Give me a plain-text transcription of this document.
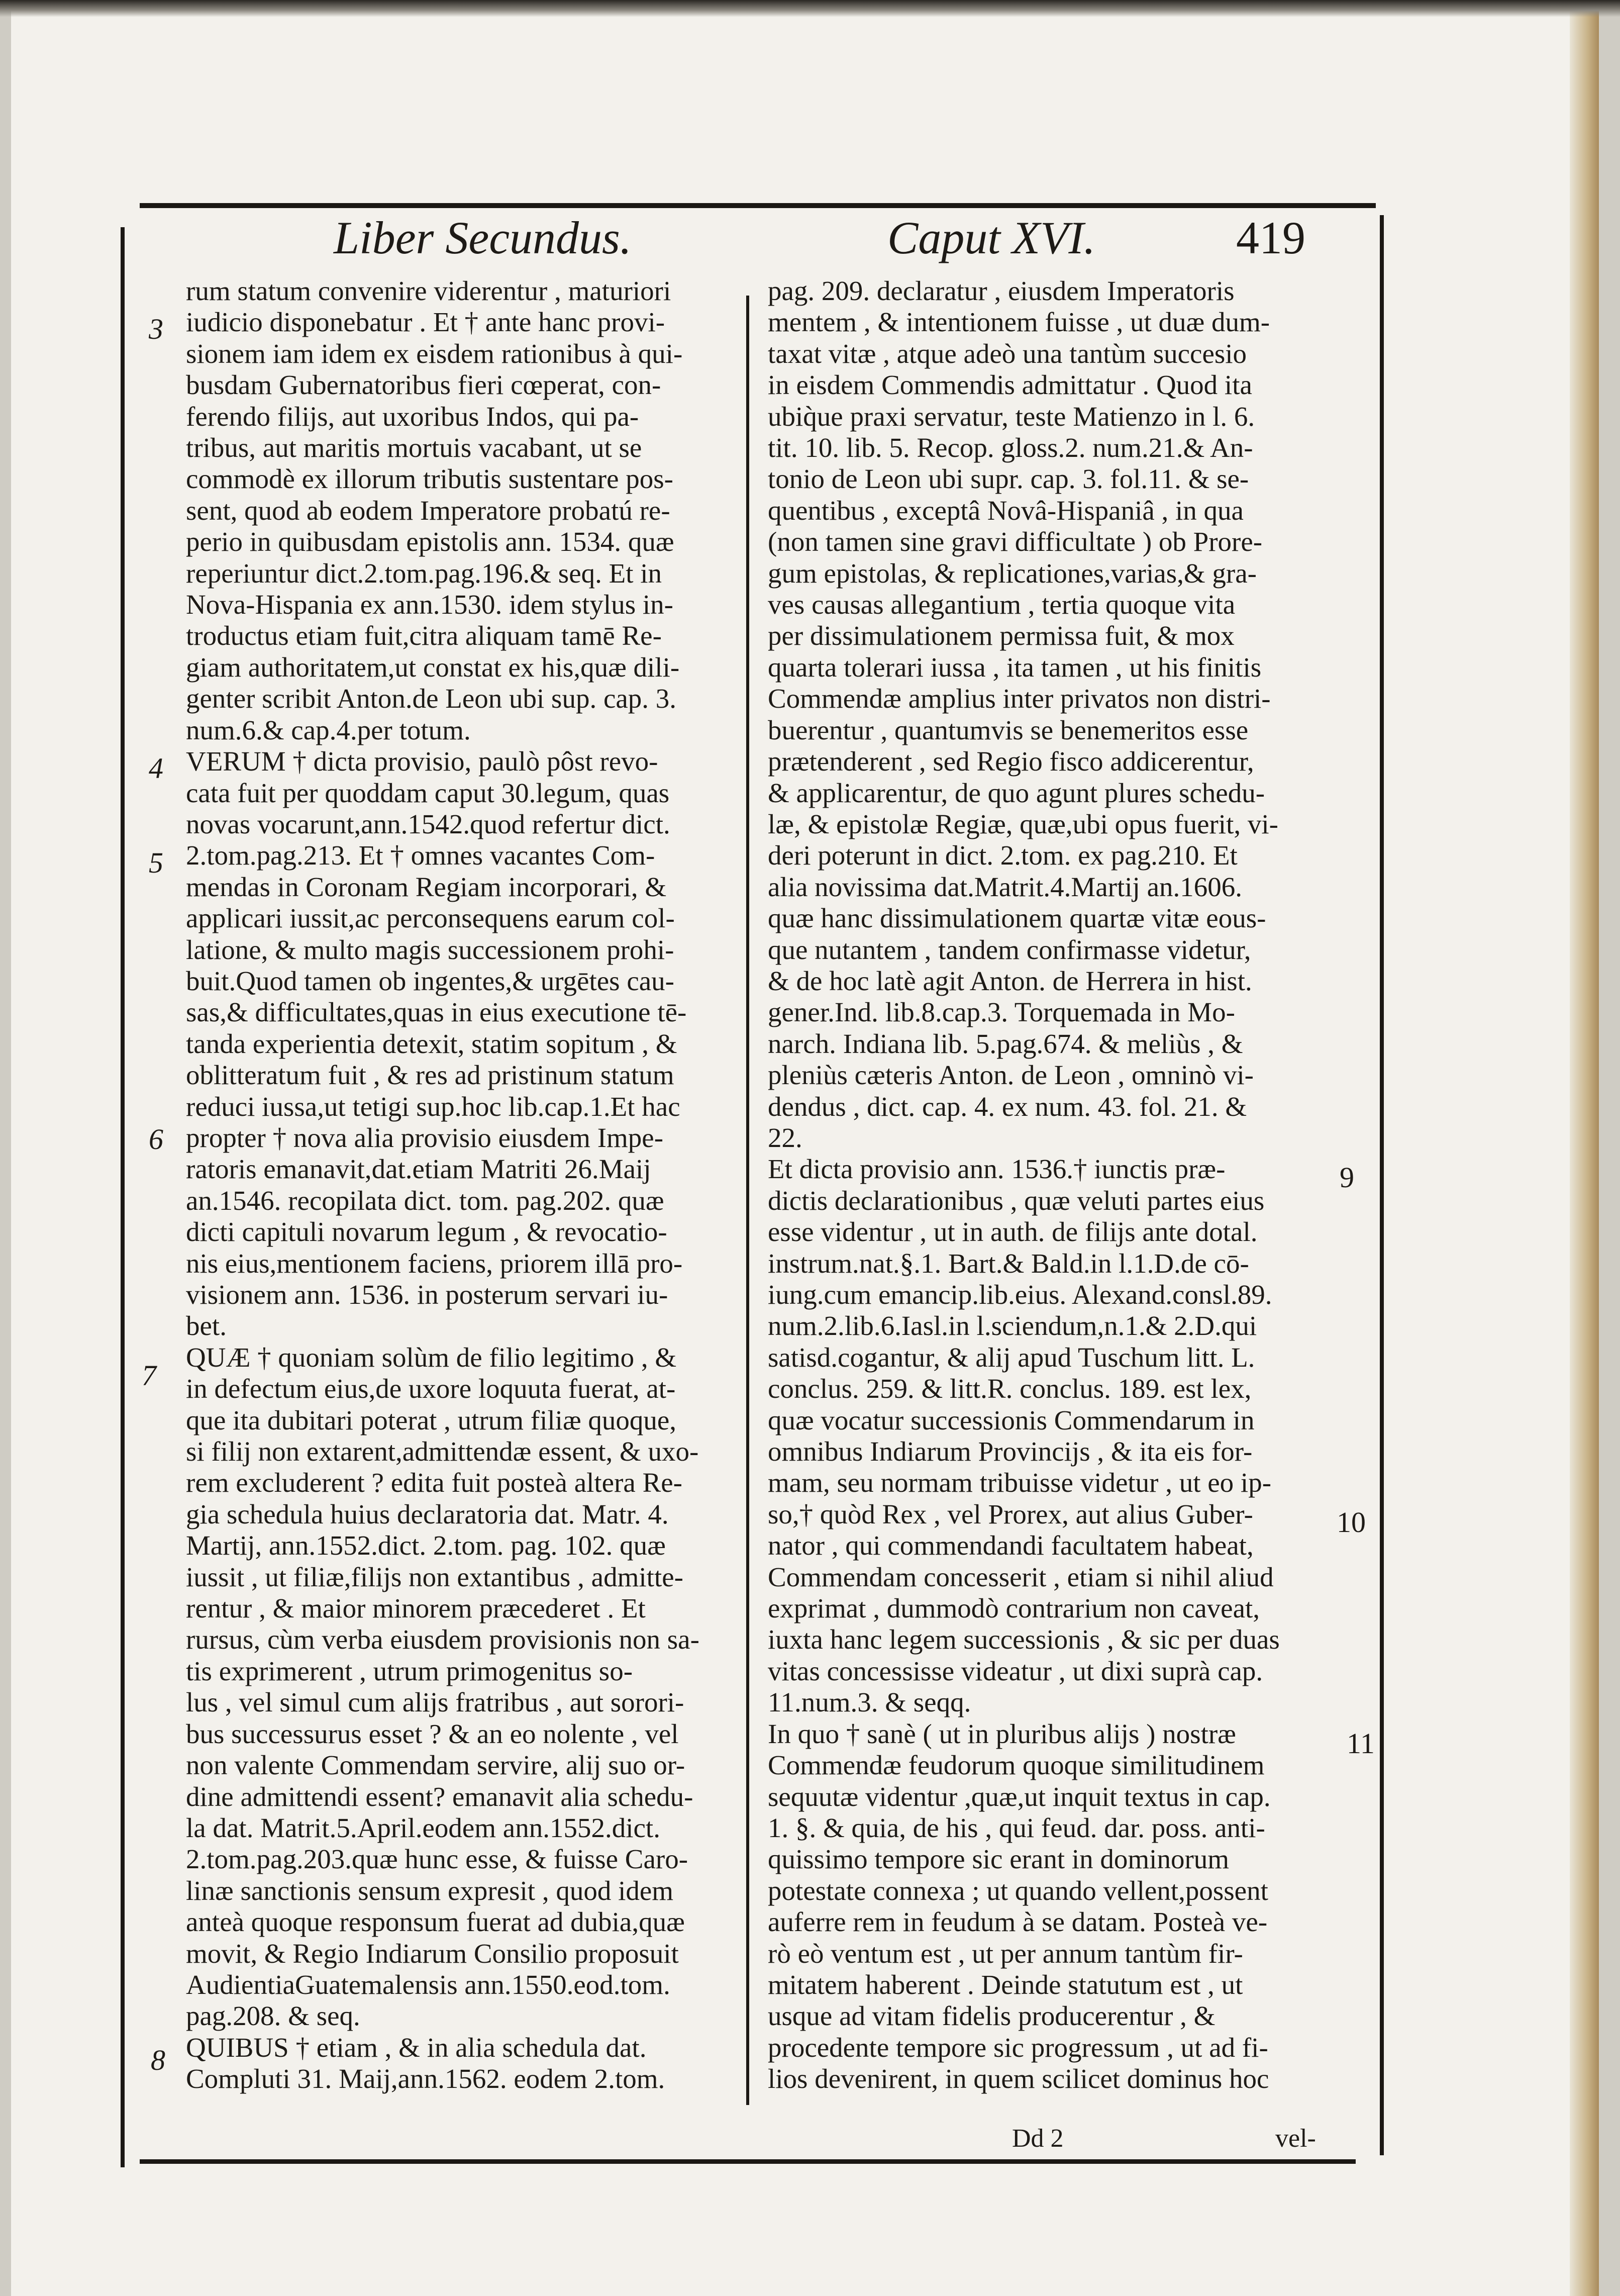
Liber Secundus.	Caput XVI.	419

rum statum convenire viderentur , maturiori

iudicio disponebatur . Et † ante hanc provi-

sionem iam idem ex eisdem rationibus à qui-

busdam Gubernatoribus fieri cœperat, con-

ferendo filijs, aut uxoribus Indos, qui pa-

tribus, aut maritis mortuis vacabant, ut se

commodè ex illorum tributis sustentare pos-

sent, quod ab eodem Imperatore probatú re-

perio in quibusdam epistolis ann. 1534. quæ

reperiuntur dict.2.tom.pag.196.& seq. Et in

Nova-Hispania ex ann.1530. idem stylus in-

troductus etiam fuit,citra aliquam tamē Re-

giam authoritatem,ut constat ex his,quæ dili-

genter scribit Anton.de Leon ubi sup. cap. 3.

num.6.& cap.4.per totum.

VERUM † dicta provisio, paulò pôst revo-

cata fuit per quoddam caput 30.legum, quas

novas vocarunt,ann.1542.quod refertur dict.

2.tom.pag.213. Et † omnes vacantes Com-

mendas in Coronam Regiam incorporari, &

applicari iussit,ac perconsequens earum col-

latione, & multo magis successionem prohi-

buit.Quod tamen ob ingentes,& urgētes cau-

sas,& difficultates,quas in eius executione tē-

tanda experientia detexit, statim sopitum , &

oblitteratum fuit , & res ad pristinum statum

reduci iussa,ut tetigi sup.hoc lib.cap.1.Et hac

propter † nova alia provisio eiusdem Impe-

ratoris emanavit,dat.etiam Matriti 26.Maij

an.1546. recopilata dict. tom. pag.202. quæ

dicti capituli novarum legum , & revocatio-

nis eius,mentionem faciens, priorem illā pro-

visionem ann. 1536. in posterum servari iu-

bet.

QUÆ † quoniam solùm de filio legitimo , &

in defectum eius,de uxore loquuta fuerat, at-

que ita dubitari poterat , utrum filiæ quoque,

si filij non extarent,admittendæ essent, & uxo-

rem excluderent ? edita fuit posteà altera Re-

gia schedula huius declaratoria dat. Matr. 4.

Martij, ann.1552.dict. 2.tom. pag. 102. quæ

iussit , ut filiæ,filijs non extantibus , admitte-

rentur , & maior minorem præcederet . Et

rursus, cùm verba eiusdem provisionis non sa-

tis exprimerent , utrum primogenitus so-

lus , vel simul cum alijs fratribus , aut sorori-

bus successurus esset ? & an eo nolente , vel

non valente Commendam servire, alij suo or-

dine admittendi essent? emanavit alia schedu-

la dat. Matrit.5.April.eodem ann.1552.dict.

2.tom.pag.203.quæ hunc esse, & fuisse Caro-

linæ sanctionis sensum expresit , quod idem

anteà quoque responsum fuerat ad dubia,quæ

movit, & Regio Indiarum Consilio proposuit

AudientiaGuatemalensis ann.1550.eod.tom.

pag.208. & seq.

QUIBUS † etiam , & in alia schedula dat.

Compluti 31. Maij,ann.1562. eodem 2.tom.

pag. 209. declaratur , eiusdem Imperatoris

mentem , & intentionem fuisse , ut duæ dum-

taxat vitæ , atque adeò una tantùm succesio

in eisdem Commendis admittatur . Quod ita

ubiq̀ue praxi servatur, teste Matienzo in l. 6.

tit. 10. lib. 5. Recop. gloss.2. num.21.& An-

tonio de Leon ubi supr. cap. 3. fol.11. & se-

quentibus , exceptâ Novâ-Hispaniâ , in qua

(non tamen sine gravi difficultate ) ob Prore-

gum epistolas, & replicationes,varias,& gra-

ves causas allegantium , tertia quoque vita

per dissimulationem permissa fuit, & mox

quarta tolerari iussa , ita tamen , ut his finitis

Commendæ amplius inter privatos non distri-

buerentur , quantumvis se benemeritos esse

prætenderent , sed Regio fisco addicerentur,

& applicarentur, de quo agunt plures schedu-

læ, & epistolæ Regiæ, quæ,ubi opus fuerit, vi-

deri poterunt in dict. 2.tom. ex pag.210. Et

alia novissima dat.Matrit.4.Martij an.1606.

quæ hanc dissimulationem quartæ vitæ eous-

que nutantem , tandem confirmasse videtur,

& de hoc latè agit Anton. de Herrera in hist.

gener.Ind. lib.8.cap.3. Torquemada in Mo-

narch. Indiana lib. 5.pag.674. & meliùs , &

pleniùs cæteris Anton. de Leon , omninò vi-

dendus , dict. cap. 4. ex num. 43. fol. 21. &

22.

Et dicta provisio ann. 1536.† iunctis præ-

dictis declarationibus , quæ veluti partes eius

esse videntur , ut in auth. de filijs ante dotal.

instrum.nat.§.1. Bart.& Bald.in l.1.D.de cō-

iung.cum emancip.lib.eius. Alexand.consl.89.

num.2.lib.6.Iasl.in l.sciendum,n.1.& 2.D.qui

satisd.cogantur, & alij apud Tuschum litt. L.

conclus. 259. & litt.R. conclus. 189. est lex,

quæ vocatur successionis Commendarum in

omnibus Indiarum Provincijs , & ita eis for-

mam, seu normam tribuisse videtur , ut eo ip-

so,† quòd Rex , vel Prorex, aut alius Guber-

nator , qui commendandi facultatem habeat,

Commendam concesserit , etiam si nihil aliud

exprimat , dummodò contrarium non caveat,

iuxta hanc legem successionis , & sic per duas

vitas concessisse videatur , ut dixi suprà cap.

11.num.3. & seqq.

In quo † sanè ( ut in pluribus alijs ) nostræ

Commendæ feudorum quoque similitudinem

sequutæ videntur ,quæ,ut inquit textus in cap.

1. §. & quia, de his , qui feud. dar. poss. anti-

quissimo tempore sic erant in dominorum

potestate connexa ; ut quando vellent,possent

auferre rem in feudum à se datam. Posteà ve-

rò eò ventum est , ut per annum tantùm fir-

mitatem haberent . Deinde statutum est , ut

usque ad vitam fidelis producerentur , &

procedente tempore sic progressum , ut ad fi-

lios devenirent, in quem scilicet dominus hoc

3
4
5
6
7
8
9
10
11
Dd 2	vel-
